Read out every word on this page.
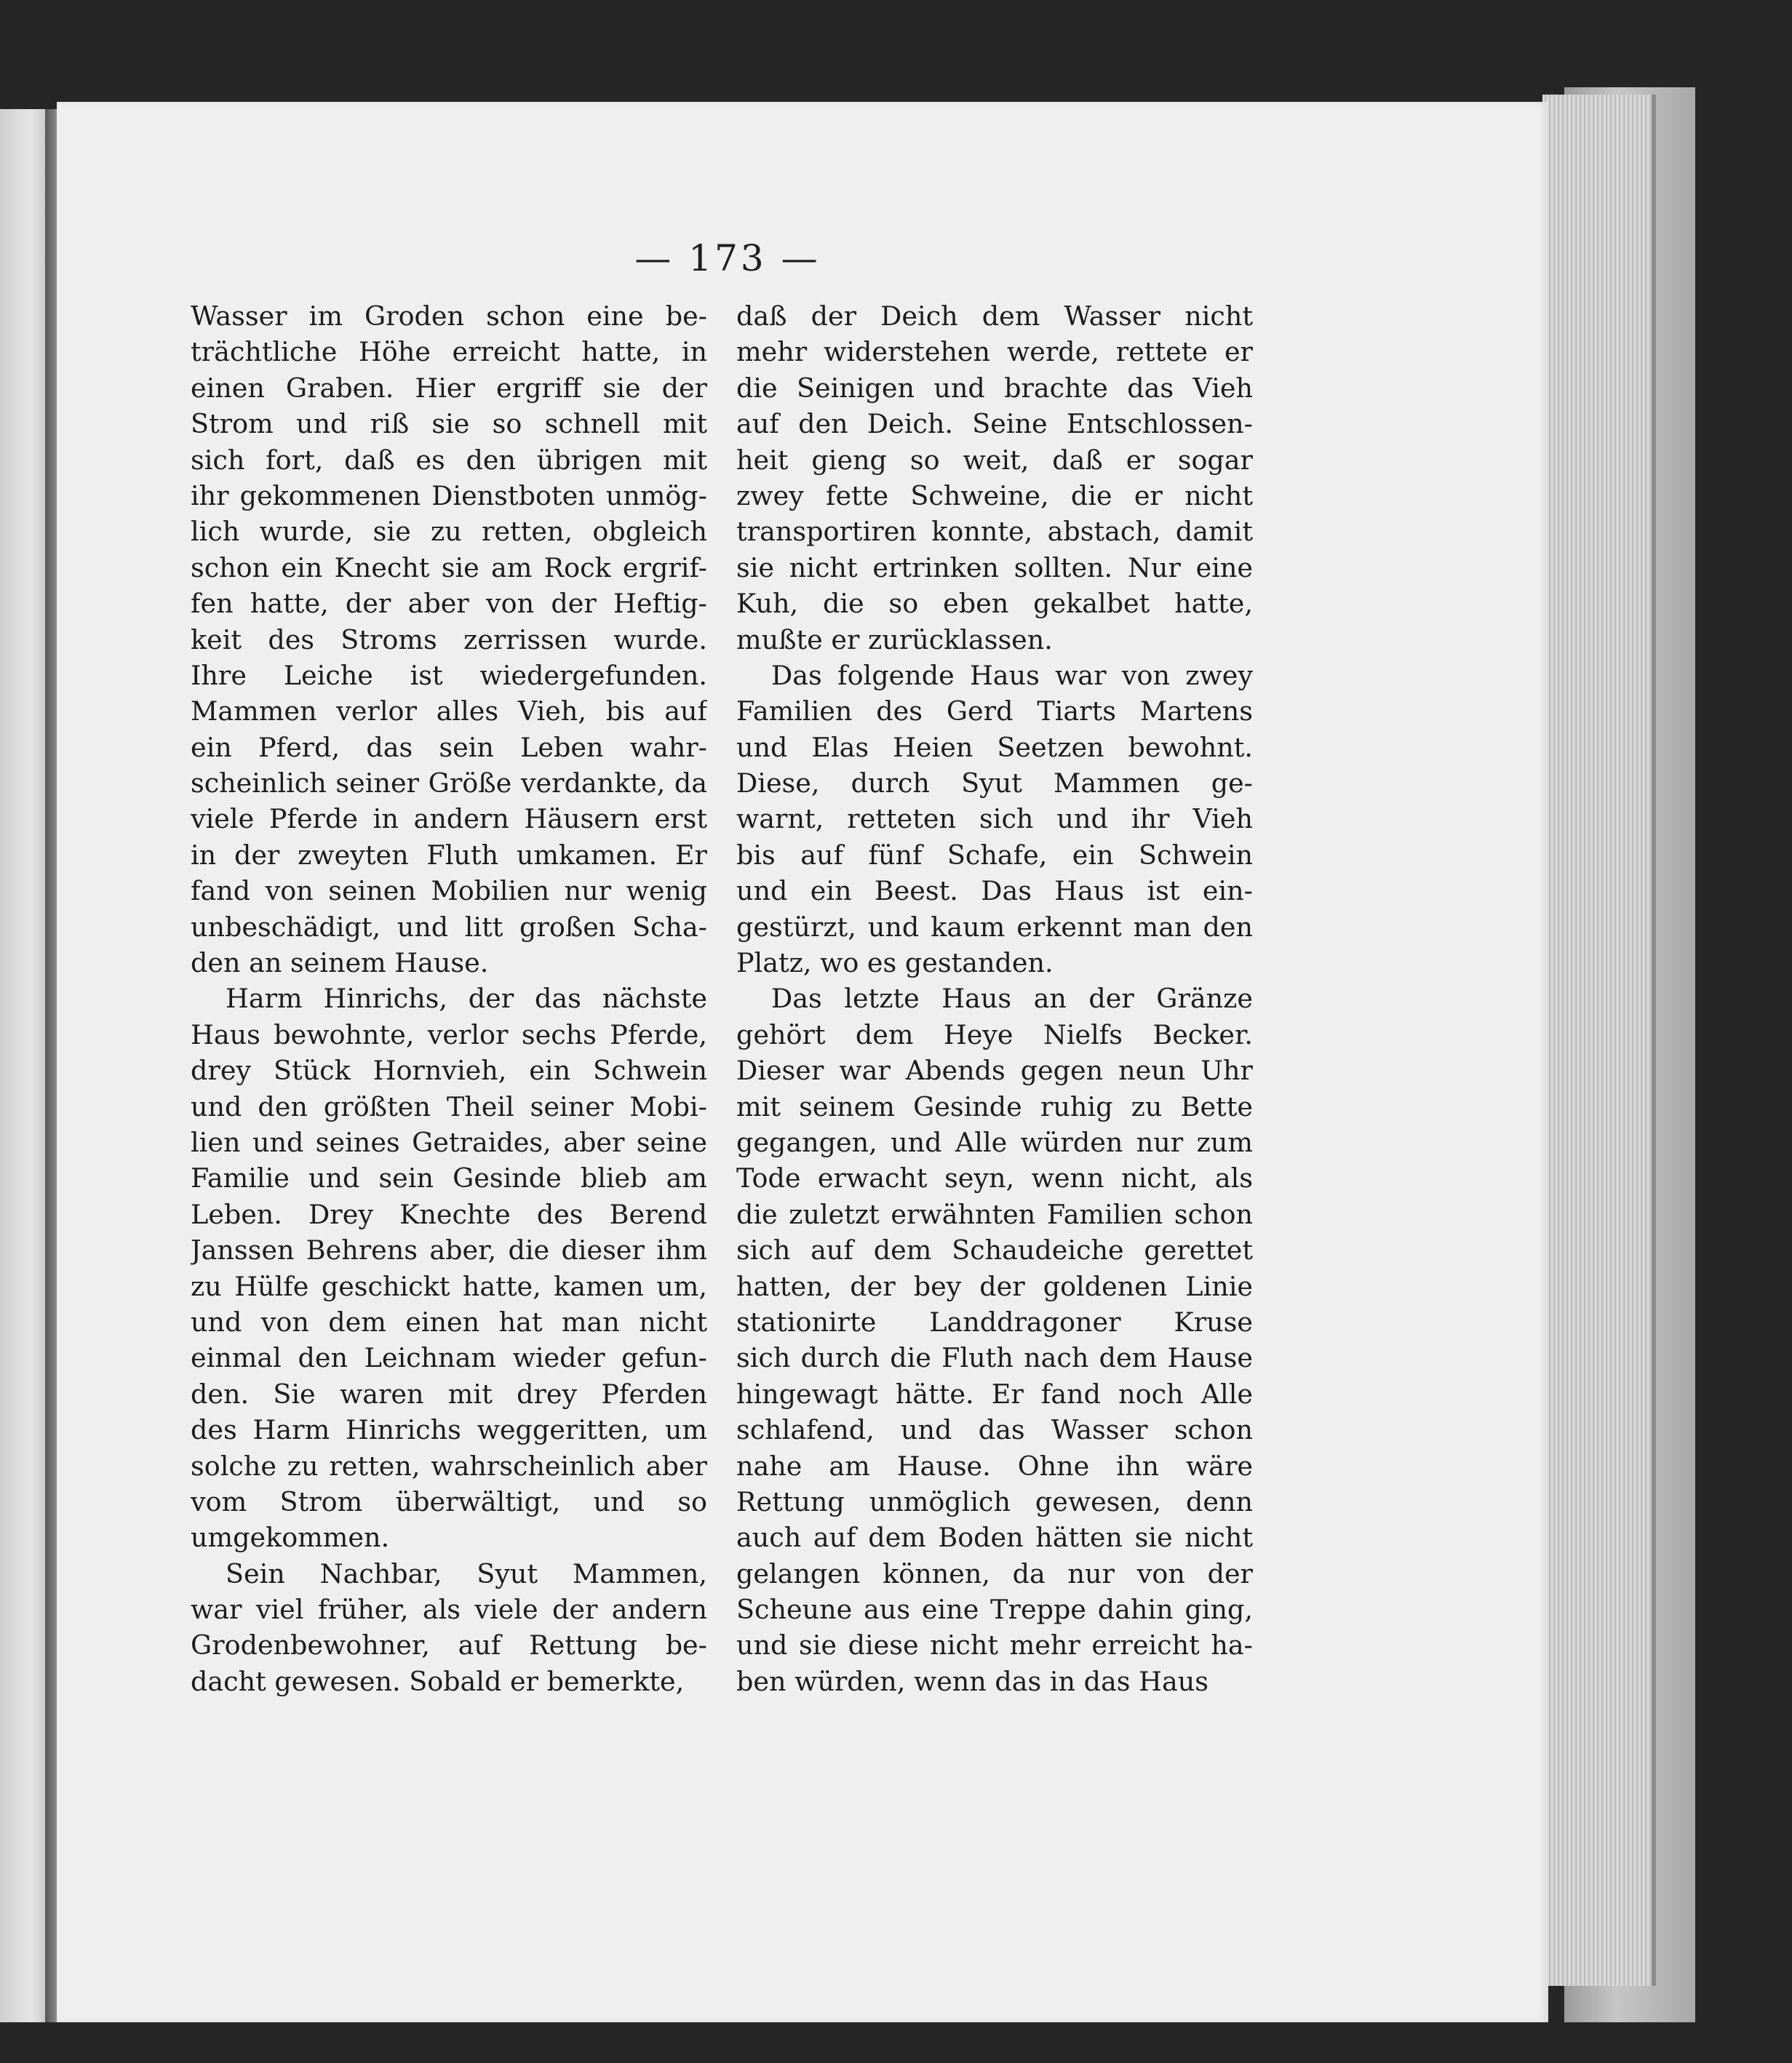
— 173 —
Wasser im Groden schon eine be-
trächtliche Höhe erreicht hatte, in
einen Graben. Hier ergriff sie der
Strom und riß sie so schnell mit
sich fort, daß es den übrigen mit
ihr gekommenen Dienstboten unmög-
lich wurde, sie zu retten, obgleich
schon ein Knecht sie am Rock ergrif-
fen hatte, der aber von der Heftig-
keit des Stroms zerrissen wurde.
Ihre Leiche ist wiedergefunden.
Mammen verlor alles Vieh, bis auf
ein Pferd, das sein Leben wahr-
scheinlich seiner Größe verdankte, da
viele Pferde in andern Häusern erst
in der zweyten Fluth umkamen. Er
fand von seinen Mobilien nur wenig
unbeschädigt, und litt großen Scha-
den an seinem Hause.
Harm Hinrichs, der das nächste
Haus bewohnte, verlor sechs Pferde,
drey Stück Hornvieh, ein Schwein
und den größten Theil seiner Mobi-
lien und seines Getraides, aber seine
Familie und sein Gesinde blieb am
Leben. Drey Knechte des Berend
Janssen Behrens aber, die dieser ihm
zu Hülfe geschickt hatte, kamen um,
und von dem einen hat man nicht
einmal den Leichnam wieder gefun-
den. Sie waren mit drey Pferden
des Harm Hinrichs weggeritten, um
solche zu retten, wahrscheinlich aber
vom Strom überwältigt, und so
umgekommen.
Sein Nachbar, Syut Mammen,
war viel früher, als viele der andern
Grodenbewohner, auf Rettung be-
dacht gewesen. Sobald er bemerkte,
daß der Deich dem Wasser nicht
mehr widerstehen werde, rettete er
die Seinigen und brachte das Vieh
auf den Deich. Seine Entschlossen-
heit gieng so weit, daß er sogar
zwey fette Schweine, die er nicht
transportiren konnte, abstach, damit
sie nicht ertrinken sollten. Nur eine
Kuh, die so eben gekalbet hatte,
mußte er zurücklassen.
Das folgende Haus war von zwey
Familien des Gerd Tiarts Martens
und Elas Heien Seetzen bewohnt.
Diese, durch Syut Mammen ge-
warnt, retteten sich und ihr Vieh
bis auf fünf Schafe, ein Schwein
und ein Beest. Das Haus ist ein-
gestürzt, und kaum erkennt man den
Platz, wo es gestanden.
Das letzte Haus an der Gränze
gehört dem Heye Nielfs Becker.
Dieser war Abends gegen neun Uhr
mit seinem Gesinde ruhig zu Bette
gegangen, und Alle würden nur zum
Tode erwacht seyn, wenn nicht, als
die zuletzt erwähnten Familien schon
sich auf dem Schaudeiche gerettet
hatten, der bey der goldenen Linie
stationirte Landdragoner Kruse
sich durch die Fluth nach dem Hause
hingewagt hätte. Er fand noch Alle
schlafend, und das Wasser schon
nahe am Hause. Ohne ihn wäre
Rettung unmöglich gewesen, denn
auch auf dem Boden hätten sie nicht
gelangen können, da nur von der
Scheune aus eine Treppe dahin ging,
und sie diese nicht mehr erreicht ha-
ben würden, wenn das in das Haus
